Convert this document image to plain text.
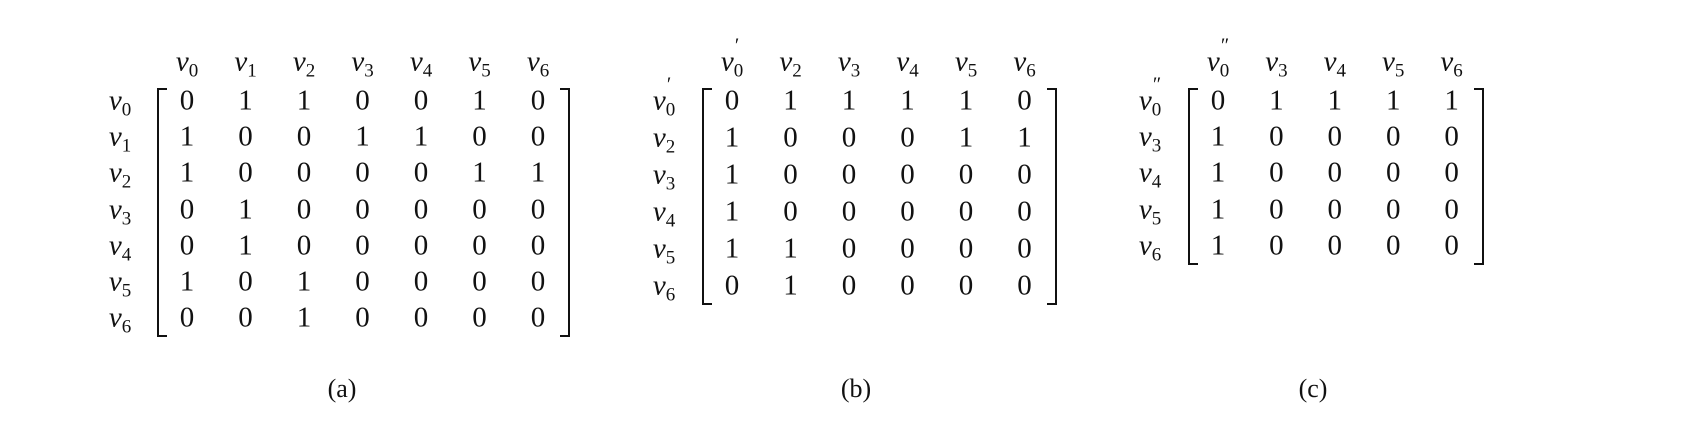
$v_0$ $v_1$ $v_2$ $v_3$ $v_4$ $v_5$ $v_6$
$v_0$
$v_1$
$v_2$
$v_3$
$v_4$
$v_5$
$v_6$
0 1 1 0 0 1 0
1 0 0 1 1 0 0
1 0 0 0 0 1 1
0 1 0 0 0 0 0
0 1 0 0 0 0 0
1 0 1 0 0 0 0
0 0 1 0 0 0 0
(a)
$v_0$
′ $v_2$ $v_3$ $v_4$ $v_5$ $v_6$
$v_0$
′
$v_2$
$v_3$
$v_4$
$v_5$
$v_6$
0 1 1 1 1 0
1 0 0 0 1 1
1 0 0 0 0 0
1 0 0 0 0 0
1 1 0 0 0 0
0 1 0 0 0 0
(b)
$v_0$
″ $v_3$ $v_4$ $v_5$ $v_6$
$v_0$
″
$v_3$
$v_4$
$v_5$
$v_6$
0 1 1 1 1
1 0 0 0 0
1 0 0 0 0
1 0 0 0 0
1 0 0 0 0
(c)
